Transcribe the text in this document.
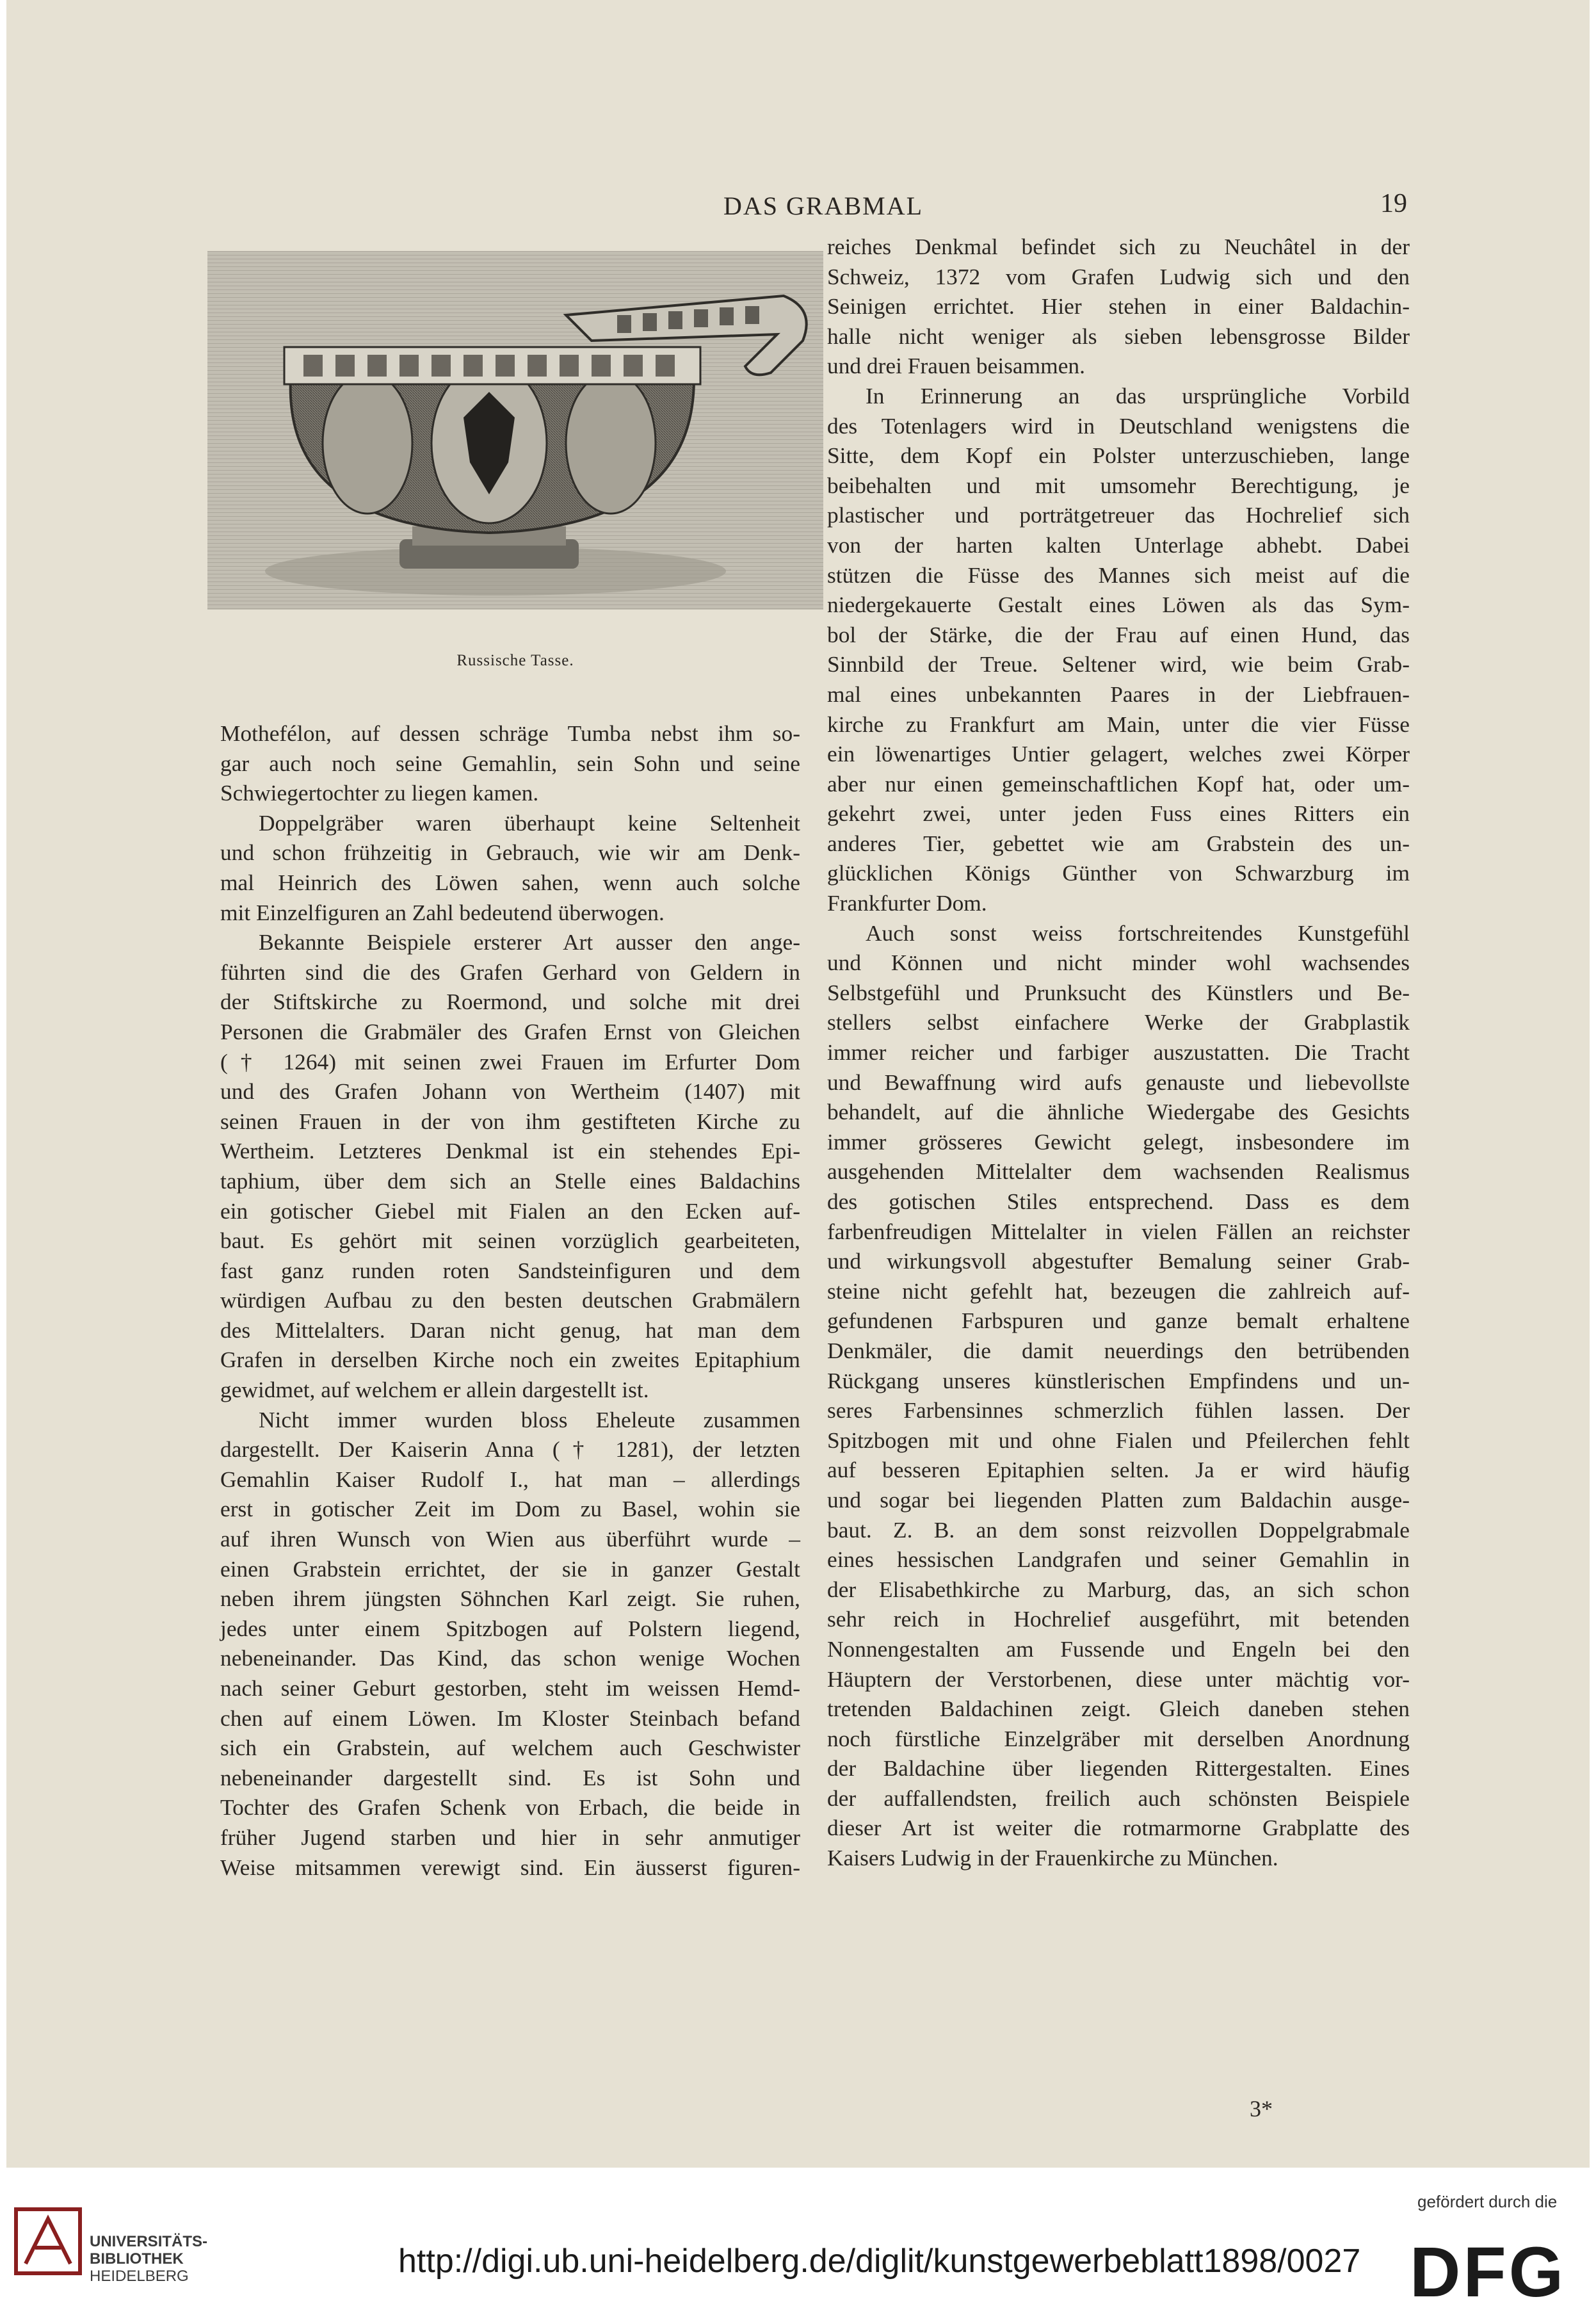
DAS GRABMAL	19
Russische Tasse.

Mothefélon, auf dessen schräge Tumba nebst ihm so-
gar auch noch seine Gemahlin, sein Sohn und seine
Schwiegertochter zu liegen kamen.

Doppelgräber waren überhaupt keine Seltenheit
und schon frühzeitig in Gebrauch, wie wir am Denk-
mal Heinrich des Löwen sahen, wenn auch solche
mit Einzelfiguren an Zahl bedeutend überwogen.

Bekannte Beispiele ersterer Art ausser den ange-
führten sind die des Grafen Gerhard von Geldern in
der Stiftskirche zu Roermond, und solche mit drei
Personen die Grabmäler des Grafen Ernst von Gleichen
(† 1264) mit seinen zwei Frauen im Erfurter Dom
und des Grafen Johann von Wertheim (1407) mit
seinen Frauen in der von ihm gestifteten Kirche zu
Wertheim. Letzteres Denkmal ist ein stehendes Epi-
taphium, über dem sich an Stelle eines Baldachins
ein gotischer Giebel mit Fialen an den Ecken auf-
baut. Es gehört mit seinen vorzüglich gearbeiteten,
fast ganz runden roten Sandsteinfiguren und dem
würdigen Aufbau zu den besten deutschen Grabmälern
des Mittelalters. Daran nicht genug, hat man dem
Grafen in derselben Kirche noch ein zweites Epitaphium
gewidmet, auf welchem er allein dargestellt ist.

Nicht immer wurden bloss Eheleute zusammen
dargestellt. Der Kaiserin Anna († 1281), der letzten
Gemahlin Kaiser Rudolf I., hat man – allerdings
erst in gotischer Zeit im Dom zu Basel, wohin sie
auf ihren Wunsch von Wien aus überführt wurde –
einen Grabstein errichtet, der sie in ganzer Gestalt
neben ihrem jüngsten Söhnchen Karl zeigt. Sie ruhen,
jedes unter einem Spitzbogen auf Polstern liegend,
nebeneinander. Das Kind, das schon wenige Wochen
nach seiner Geburt gestorben, steht im weissen Hemd-
chen auf einem Löwen. Im Kloster Steinbach befand
sich ein Grabstein, auf welchem auch Geschwister
nebeneinander dargestellt sind. Es ist Sohn und
Tochter des Grafen Schenk von Erbach, die beide in
früher Jugend starben und hier in sehr anmutiger
Weise mitsammen verewigt sind. Ein äusserst figuren-

reiches Denkmal befindet sich zu Neuchâtel in der
Schweiz, 1372 vom Grafen Ludwig sich und den
Seinigen errichtet. Hier stehen in einer Baldachin-
halle nicht weniger als sieben lebensgrosse Bilder
und drei Frauen beisammen.

In Erinnerung an das ursprüngliche Vorbild
des Totenlagers wird in Deutschland wenigstens die
Sitte, dem Kopf ein Polster unterzuschieben, lange
beibehalten und mit umsomehr Berechtigung, je
plastischer und porträtgetreuer das Hochrelief sich
von der harten kalten Unterlage abhebt. Dabei
stützen die Füsse des Mannes sich meist auf die
niedergekauerte Gestalt eines Löwen als das Sym-
bol der Stärke, die der Frau auf einen Hund, das
Sinnbild der Treue. Seltener wird, wie beim Grab-
mal eines unbekannten Paares in der Liebfrauen-
kirche zu Frankfurt am Main, unter die vier Füsse
ein löwenartiges Untier gelagert, welches zwei Körper
aber nur einen gemeinschaftlichen Kopf hat, oder um-
gekehrt zwei, unter jeden Fuss eines Ritters ein
anderes Tier, gebettet wie am Grabstein des un-
glücklichen Königs Günther von Schwarzburg im
Frankfurter Dom.

Auch sonst weiss fortschreitendes Kunstgefühl
und Können und nicht minder wohl wachsendes
Selbstgefühl und Prunksucht des Künstlers und Be-
stellers selbst einfachere Werke der Grabplastik
immer reicher und farbiger auszustatten. Die Tracht
und Bewaffnung wird aufs genauste und liebevollste
behandelt, auf die ähnliche Wiedergabe des Gesichts
immer grösseres Gewicht gelegt, insbesondere im
ausgehenden Mittelalter dem wachsenden Realismus
des gotischen Stiles entsprechend. Dass es dem
farbenfreudigen Mittelalter in vielen Fällen an reichster
und wirkungsvoll abgestufter Bemalung seiner Grab-
steine nicht gefehlt hat, bezeugen die zahlreich auf-
gefundenen Farbspuren und ganze bemalt erhaltene
Denkmäler, die damit neuerdings den betrübenden
Rückgang unseres künstlerischen Empfindens und un-
seres Farbensinnes schmerzlich fühlen lassen. Der
Spitzbogen mit und ohne Fialen und Pfeilerchen fehlt
auf besseren Epitaphien selten. Ja er wird häufig
und sogar bei liegenden Platten zum Baldachin ausge-
baut. Z. B. an dem sonst reizvollen Doppelgrabmale
eines hessischen Landgrafen und seiner Gemahlin in
der Elisabethkirche zu Marburg, das, an sich schon
sehr reich in Hochrelief ausgeführt, mit betenden
Nonnengestalten am Fussende und Engeln bei den
Häuptern der Verstorbenen, diese unter mächtig vor-
tretenden Baldachinen zeigt. Gleich daneben stehen
noch fürstliche Einzelgräber mit derselben Anordnung
der Baldachine über liegenden Rittergestalten. Eines
der auffallendsten, freilich auch schönsten Beispiele
dieser Art ist weiter die rotmarmorne Grabplatte des
Kaisers Ludwig in der Frauenkirche zu München.

3*
UNIVERSITÄTS-
BIBLIOTHEK
HEIDELBERG	http://digi.ub.uni-heidelberg.de/diglit/kunstgewerbeblatt1898/0027
gefördert durch die
DFG
